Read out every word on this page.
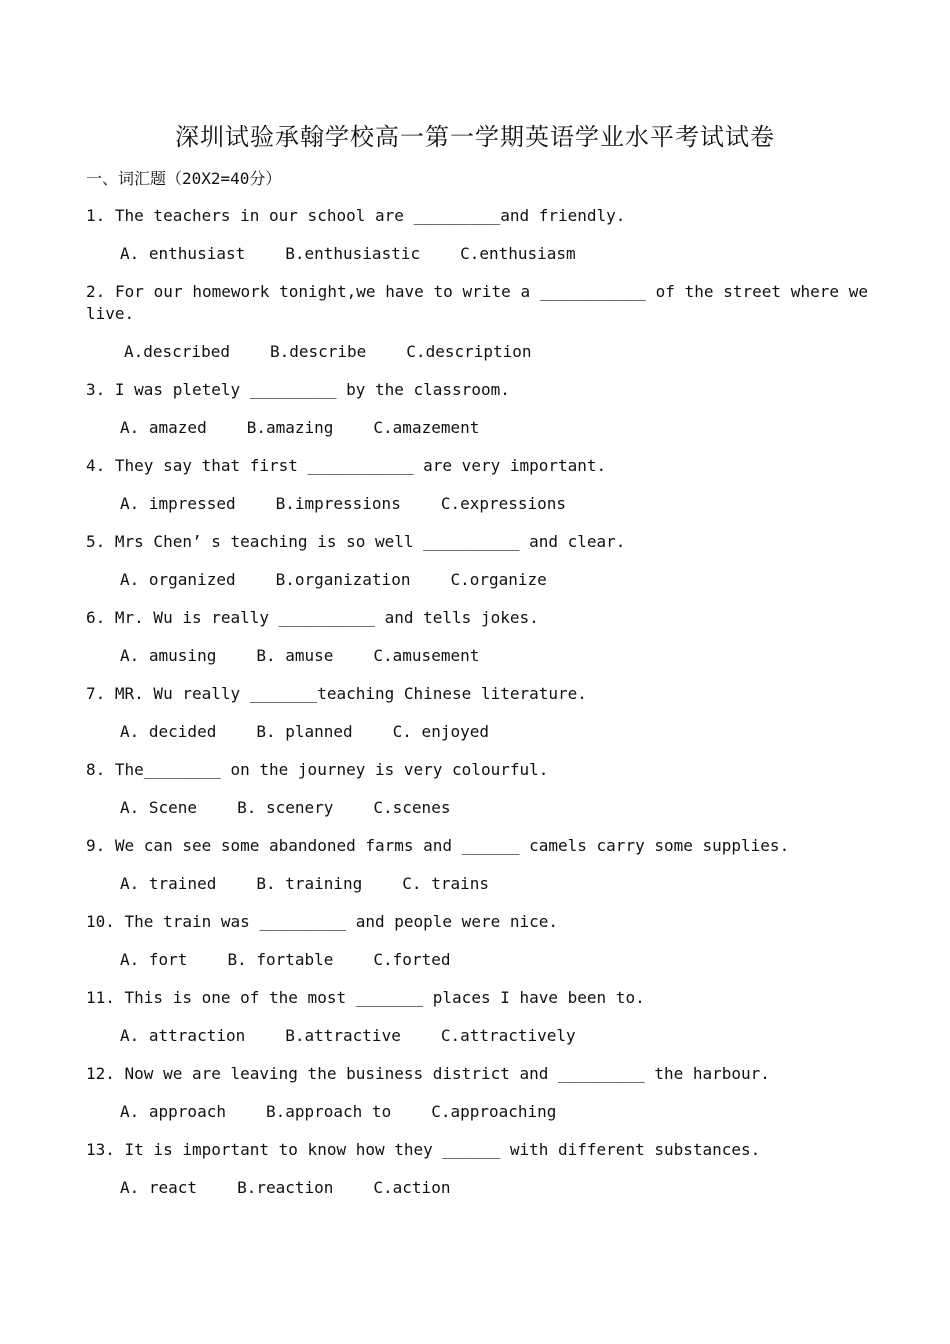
深圳试验承翰学校高一第一学期英语学业水平考试试卷
一、词汇题（20X2=40分）
1. The teachers in our school are _________and friendly.
A. enthusiast	B.enthusiastic	C.enthusiasm
2. For our homework tonight,we have to write a ___________ of the street where we live.
A.described	B.describe	C.description
3. I was pletely _________ by the classroom.
A. amazed	B.amazing	C.amazement
4. They say that first ___________ are very important.
A. impressed	B.impressions	C.expressions
5. Mrs Chen’ s teaching is so well __________ and clear.
A. organized	B.organization	C.organize
6. Mr. Wu is really __________ and tells jokes.
A. amusing	B. amuse	C.amusement
7. MR. Wu really _______teaching Chinese literature.
A. decided	B. planned	C. enjoyed
8. The________ on the journey is very colourful.
A. Scene	B. scenery	C.scenes
9. We can see some abandoned farms and ______ camels carry some supplies.
A. trained	B. training	C. trains
10. The train was _________ and people were nice.
A. fort	B. fortable	C.forted
11. This is one of the most _______ places I have been to.
A. attraction	B.attractive	C.attractively
12. Now we are leaving the business district and _________ the harbour.
A. approach	B.approach to	C.approaching
13. It is important to know how they ______ with different substances.
A. react	B.reaction	C.action
